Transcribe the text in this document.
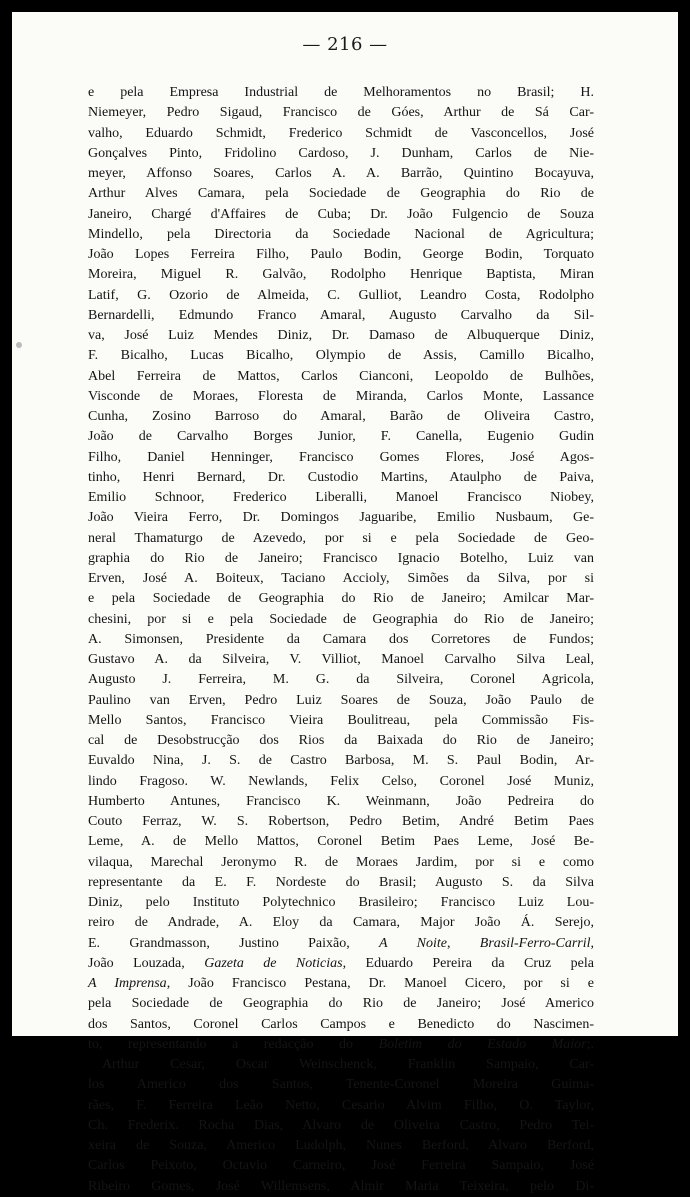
— 216 —
e pela Empresa Industrial de Melhoramentos no Brasil; H.
Niemeyer, Pedro Sigaud, Francisco de Góes, Arthur de Sá Car-
valho, Eduardo Schmidt, Frederico Schmidt de Vasconcellos, José
Gonçalves Pinto, Fridolino Cardoso, J. Dunham, Carlos de Nie-
meyer, Affonso Soares, Carlos A. A. Barrão, Quintino Bocayuva,
Arthur Alves Camara, pela Sociedade de Geographia do Rio de
Janeiro, Chargé d'Affaires de Cuba; Dr. João Fulgencio de Souza
Mindello, pela Directoria da Sociedade Nacional de Agricultura;
João Lopes Ferreira Filho, Paulo Bodin, George Bodin, Torquato
Moreira, Miguel R. Galvão, Rodolpho Henrique Baptista, Miran
Latif, G. Ozorio de Almeida, C. Gulliot, Leandro Costa, Rodolpho
Bernardelli, Edmundo Franco Amaral, Augusto Carvalho da Sil-
va, José Luiz Mendes Diniz, Dr. Damaso de Albuquerque Diniz,
F. Bicalho, Lucas Bicalho, Olympio de Assis, Camillo Bicalho,
Abel Ferreira de Mattos, Carlos Cianconi, Leopoldo de Bulhões,
Visconde de Moraes, Floresta de Miranda, Carlos Monte, Lassance
Cunha, Zosino Barroso do Amaral, Barão de Oliveira Castro,
João de Carvalho Borges Junior, F. Canella, Eugenio Gudin
Filho, Daniel Henninger, Francisco Gomes Flores, José Agos-
tinho, Henri Bernard, Dr. Custodio Martins, Ataulpho de Paiva,
Emilio Schnoor, Frederico Liberalli, Manoel Francisco Niobey,
João Vieira Ferro, Dr. Domingos Jaguaribe, Emilio Nusbaum, Ge-
neral Thamaturgo de Azevedo, por si e pela Sociedade de Geo-
graphia do Rio de Janeiro; Francisco Ignacio Botelho, Luiz van
Erven, José A. Boiteux, Taciano Accioly, Simões da Silva, por si
e pela Sociedade de Geographia do Rio de Janeiro; Amilcar Mar-
chesini, por si e pela Sociedade de Geographia do Rio de Janeiro;
A. Simonsen, Presidente da Camara dos Corretores de Fundos;
Gustavo A. da Silveira, V. Villiot, Manoel Carvalho Silva Leal,
Augusto J. Ferreira, M. G. da Silveira, Coronel Agricola,
Paulino van Erven, Pedro Luiz Soares de Souza, João Paulo de
Mello Santos, Francisco Vieira Boulitreau, pela Commissão Fis-
cal de Desobstrucção dos Rios da Baixada do Rio de Janeiro;
Euvaldo Nina, J. S. de Castro Barbosa, M. S. Paul Bodin, Ar-
lindo Fragoso. W. Newlands, Felix Celso, Coronel José Muniz,
Humberto Antunes, Francisco K. Weinmann, João Pedreira do
Couto Ferraz, W. S. Robertson, Pedro Betim, André Betim Paes
Leme, A. de Mello Mattos, Coronel Betim Paes Leme, José Be-
vilaqua, Marechal Jeronymo R. de Moraes Jardim, por si e como
representante da E. F. Nordeste do Brasil; Augusto S. da Silva
Diniz, pelo Instituto Polytechnico Brasileiro; Francisco Luiz Lou-
reiro de Andrade, A. Eloy da Camara, Major João Á. Serejo,
E. Grandmasson, Justino Paixão, A Noite, Brasil-Ferro-Carril,
João Louzada, Gazeta de Noticias, Eduardo Pereira da Cruz pela
A Imprensa, João Francisco Pestana, Dr. Manoel Cicero, por si e
pela Sociedade de Geographia do Rio de Janeiro; José Americo
dos Santos, Coronel Carlos Campos e Benedicto do Nascimen-
to, representando a redacção do Boletim do Estado Maior;.
Arthur Cesar, Oscar Weinschenck, Franklin Sampaio, Car-
los Americo dos Santos, Tenente-Coronel Moreira Guima-
rães, F. Ferreira Leão Netto, Cesario Alvim Filho, O. Taylor,
Ch. Frederix. Rocha Dias, Alvaro de Oliveira Castro, Pedro Tei-
xeira de Souza, Americo Ludolph, Nunes Berford, Alvaro Berford,
Carlos Peixoto, Octavio Carneiro, José Ferreira Sampaio, José
Ribeiro Gomes, José Willemsens, Almir Maria Teixeira, pelo Di-
